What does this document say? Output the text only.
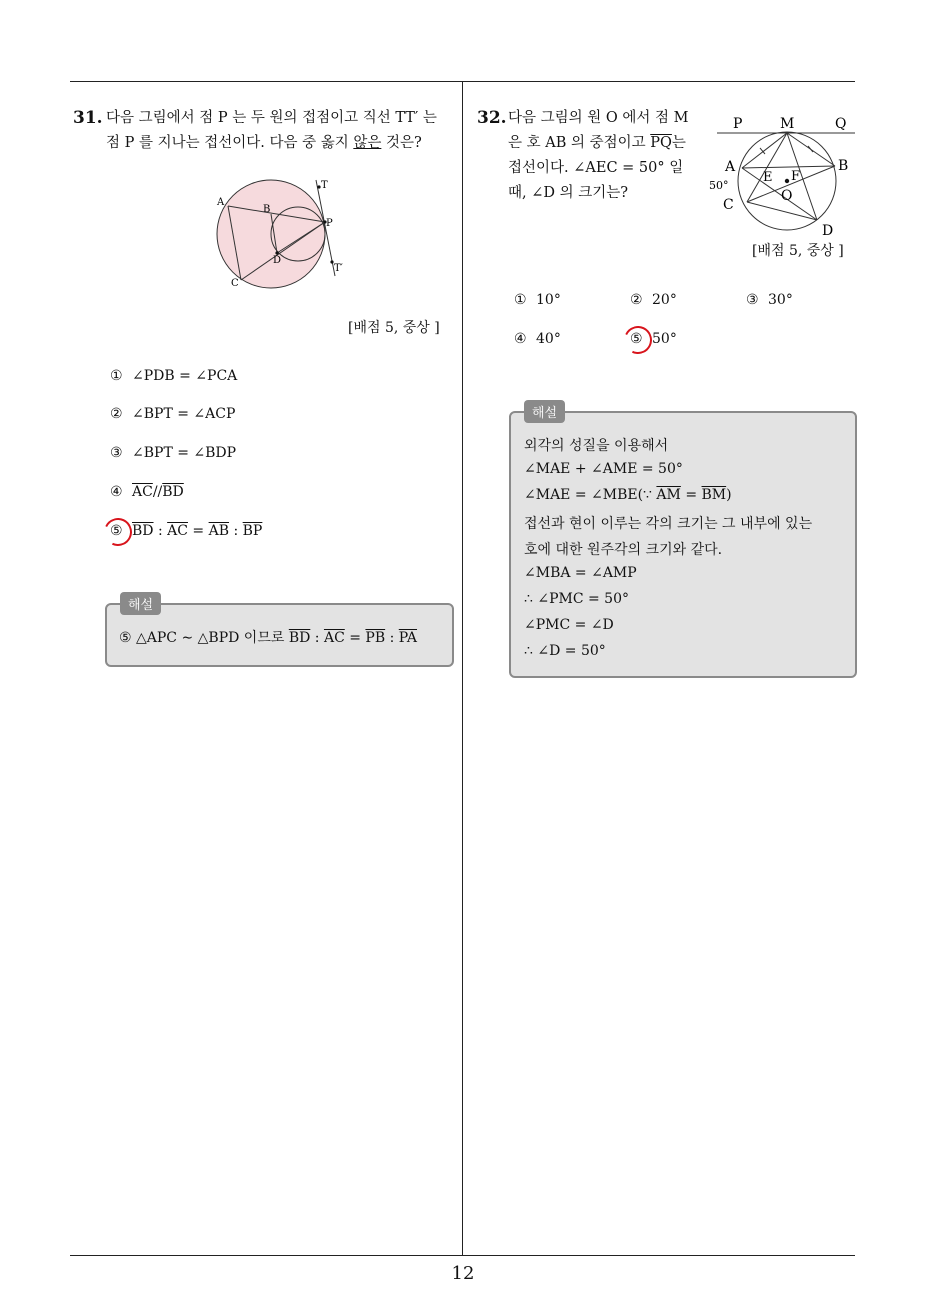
31. 다음 그림에서 점 P 는 두 원의 접점이고 직선 TT′ 는
점 P 를 지나는 접선이다. 다음 중 옳지 않은 것은?
A
B
C
D
P
T
T′
[배점 5, 중상 ]
① ∠PDB = ∠PCA
② ∠BPT = ∠ACP
③ ∠BPT = ∠BDP
④ $\overline{AC}//\overline{BD}$
⑤ $\overline{BD}$ : $\overline{AC} = \overline{AB}$ : $\overline{BP}$
⑤ △APC ∼ △BPD 이므로 $\overline{BD}$ : $\overline{AC} = \overline{PB}$ : $\overline{PA}$
해설
32. 다음 그림의 원 O 에서 점 M
은 호 AB 의 중점이고 $\overline{PQ}$는
접선이다. ∠AEC = 50° 일
때, ∠D 의 크기는?
P	M	Q
A	B
E F
O
C
D
50°
[배점 5, 중상 ]
① 10°	② 20°	③ 30°
④ 40°	⑤ 50°
외각의 성질을 이용해서
∠MAE + ∠AME = 50°
∠MAE = ∠MBE(∵ $\overline{AM} = \overline{BM}$)
접선과 현이 이루는 각의 크기는 그 내부에 있는
호에 대한 원주각의 크기와 같다.
∠MBA = ∠AMP
∴ ∠PMC = 50°
∠PMC = ∠D
∴ ∠D = 50°
해설
12
